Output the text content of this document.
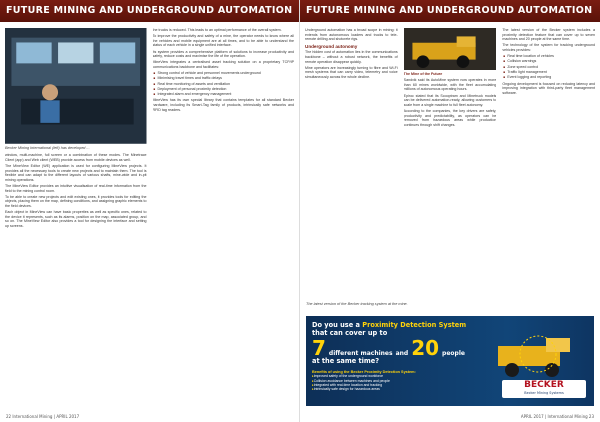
FUTURE MINING AND UNDERGROUND AUTOMATION
Becker Mining International (left) has developed ...

window, multi-machine, full screen or a combination of these modes. The Minetrace Client (app) and Web client (WEB) provide access from mobile devices as well.

The MineView Editor (WE) application is used for configuring MineView projects. It provides all the necessary tools to create new projects and to maintain them. The tool is flexible and can adapt to the different layouts of various shafts, mine-wide and in-pit mining operations.

The MineView Editor provides an intuitive visualisation of real-time information from the field to the mining control room.

To be able to create new projects and edit existing ones, it provides tools for editing the objects, placing them on the map, defining conditions, and assigning graphic elements to the field devices.

Each object in MineView can have basic properties as well as specific ones, related to the device it represents, such as its alarms, position on the map, associated group, and so on. The MineView Editor also provides a tool for designing the interface and setting up screens.

the trucks is reduced. This leads to an optimal performance of the overall system.

To improve the productivity and safety of a mine, the operator needs to know where all the vehicles and mobile equipment are at all times, and to be able to understand the status of each vehicle in a single unified interface.

Its system provides a comprehensive platform of solutions to increase productivity and safety, reduce costs and maximise the life of the operation.

MineView integrates a centralised asset tracking solution on a proprietary TCP/IP communications backbone and facilitates:

■ Strong control of vehicle and personnel movements underground
■ Minimising travel times and traffic delays
■ Real time monitoring of assets and ventilation
■ Deployment of personal proximity detection
■ Integrated alarm and emergency management

MineView has its own special library that contains templates for all standard Becker hardware, including its Smart-Tag family of products, intrinsically safe networks and RFID tag readers.

22 International Mining | APRIL 2017
FUTURE MINING AND UNDERGROUND AUTOMATION

Underground automation has a broad scope in mining: it extends from autonomous loaders and trucks to tele-remote drilling and shotcrete rigs.

Underground autonomy

The hidden cost of automation lies in the communications backbone – without a robust network, the benefits of remote operation disappear quickly.

Mine operators are increasingly turning to fibre and Wi-Fi mesh systems that can carry video, telemetry and voice simultaneously across the whole decline.

The Mine of the Future

Sandvik said its AutoMine system now operates in more than 60 mines worldwide, with the fleet accumulating millions of autonomous operating hours.

Epiroc stated that its Scooptram and Minetruck models can be delivered automation-ready, allowing customers to scale from a single machine to full fleet autonomy.

According to the companies, the key drivers are safety, productivity and predictability, as operators can be removed from hazardous areas while production continues through shift changes.

The latest version of the Becker system includes a proximity detection feature that can cover up to seven machines and 20 people at the same time.

The technology of the system for tracking underground vehicles provides:

■ Real time location of vehicles
■ Collision warnings
■ Zone speed control
■ Traffic light management
■ Event logging and reporting

Ongoing development is focused on reducing latency and improving integration with third-party fleet management software.

The latest version of the Becker tracking system at the mine.
Do you use a Proximity Detection System that can cover up to
7 different machines and 20 people
at the same time?
Benefits of using the Becker Proximity Detection System:
▸ Improved safety of the underground workforce
▸ Collision avoidance between machines and people
▸ Integrated with real-time location and tracking
▸ Intrinsically safe design for hazardous areas	BECKER
Becker Mining Systems
APRIL 2017 | International Mining 23
